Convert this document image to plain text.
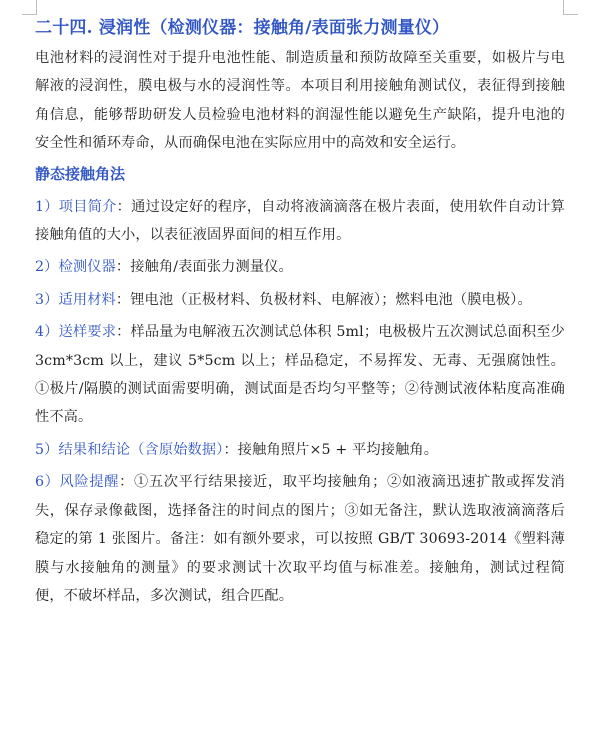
二十四. 浸润性（检测仪器：接触角/表面张力测量仪）

电池材料的浸润性对于提升电池性能、制造质量和预防故障至关重要，如极片与电解液的浸润性，膜电极与水的浸润性等。本项目利用接触角测试仪，表征得到接触角信息，能够帮助研发人员检验电池材料的润湿性能以避免生产缺陷，提升电池的安全性和循环寿命，从而确保电池在实际应用中的高效和安全运行。

静态接触角法

1）项目简介：通过设定好的程序，自动将液滴滴落在极片表面，使用软件自动计算接触角值的大小，以表征液固界面间的相互作用。

2）检测仪器：接触角/表面张力测量仪。

3）适用材料：锂电池（正极材料、负极材料、电解液）；燃料电池（膜电极）。

4）送样要求：样品量为电解液五次测试总体积 5ml；电极极片五次测试总面积至少 3cm*3cm 以上，建议 5*5cm 以上；样品稳定，不易挥发、无毒、无强腐蚀性。①极片/隔膜的测试面需要明确，测试面是否均匀平整等；②待测试液体粘度高准确性不高。

5）结果和结论（含原始数据）：接触角照片×5 + 平均接触角。

6）风险提醒：①五次平行结果接近，取平均接触角；②如液滴迅速扩散或挥发消失，保存录像截图，选择备注的时间点的图片；③如无备注，默认选取液滴滴落后稳定的第 1 张图片。备注：如有额外要求，可以按照 GB/T 30693-2014《塑料薄膜与水接触角的测量》的要求测试十次取平均值与标准差。接触角，测试过程简便，不破坏样品，多次测试，组合匹配。
